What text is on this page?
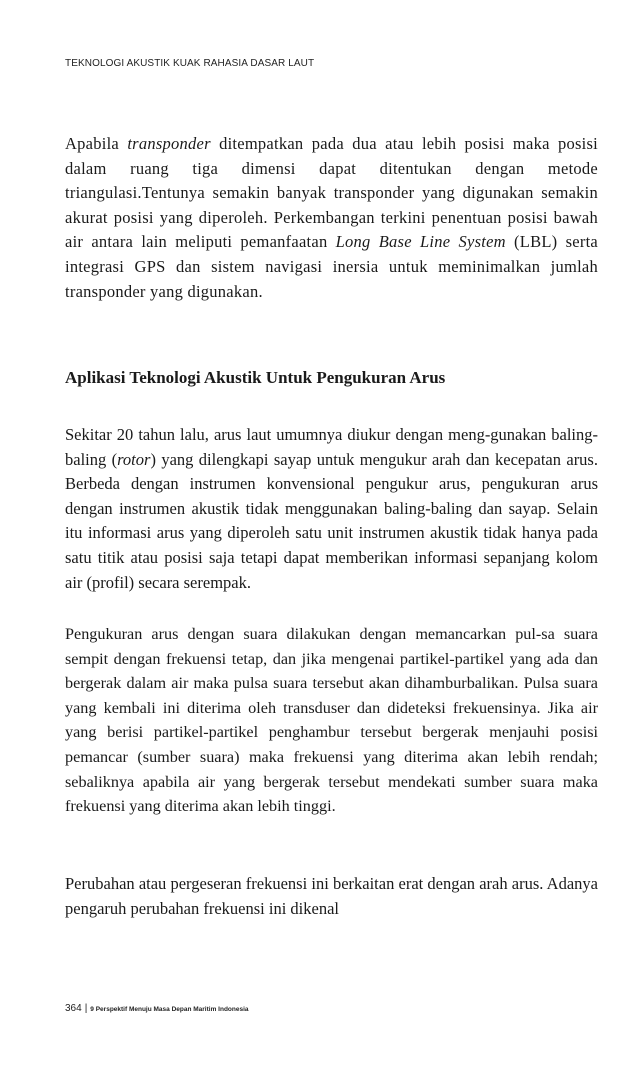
TEKNOLOGI AKUSTIK KUAK RAHASIA DASAR LAUT

Apabila transponder ditempatkan pada dua atau lebih posisi maka posisi dalam ruang tiga dimensi dapat ditentukan dengan metode triangulasi.Tentunya semakin banyak transponder yang digunakan semakin akurat posisi yang diperoleh. Perkembangan terkini penentuan posisi bawah air antara lain meliputi pemanfaatan Long Base Line System (LBL) serta integrasi GPS dan sistem navigasi inersia untuk meminimalkan jumlah transponder yang digunakan.

Aplikasi Teknologi Akustik Untuk Pengukuran Arus

Sekitar 20 tahun lalu, arus laut umumnya diukur dengan meng-gunakan baling-baling (rotor) yang dilengkapi sayap untuk mengukur arah dan kecepatan arus. Berbeda dengan instrumen konvensional pengukur arus, pengukuran arus dengan instrumen akustik tidak menggunakan baling-baling dan sayap. Selain itu informasi arus yang diperoleh satu unit instrumen akustik tidak hanya pada satu titik atau posisi saja tetapi dapat memberikan informasi sepanjang kolom air (profil) secara serempak.

Pengukuran arus dengan suara dilakukan dengan memancarkan pul-sa suara sempit dengan frekuensi tetap, dan jika mengenai partikel-partikel yang ada dan bergerak dalam air maka pulsa suara tersebut akan dihamburbalikan. Pulsa suara yang kembali ini diterima oleh transduser dan dideteksi frekuensinya. Jika air yang berisi partikel-partikel penghambur tersebut bergerak menjauhi posisi pemancar (sumber suara) maka frekuensi yang diterima akan lebih rendah; sebaliknya apabila air yang bergerak tersebut mendekati sumber suara maka frekuensi yang diterima akan lebih tinggi.

Perubahan atau pergeseran frekuensi ini berkaitan erat dengan arah arus. Adanya pengaruh perubahan frekuensi ini dikenal

364 | 9 Perspektif Menuju Masa Depan Maritim Indonesia
